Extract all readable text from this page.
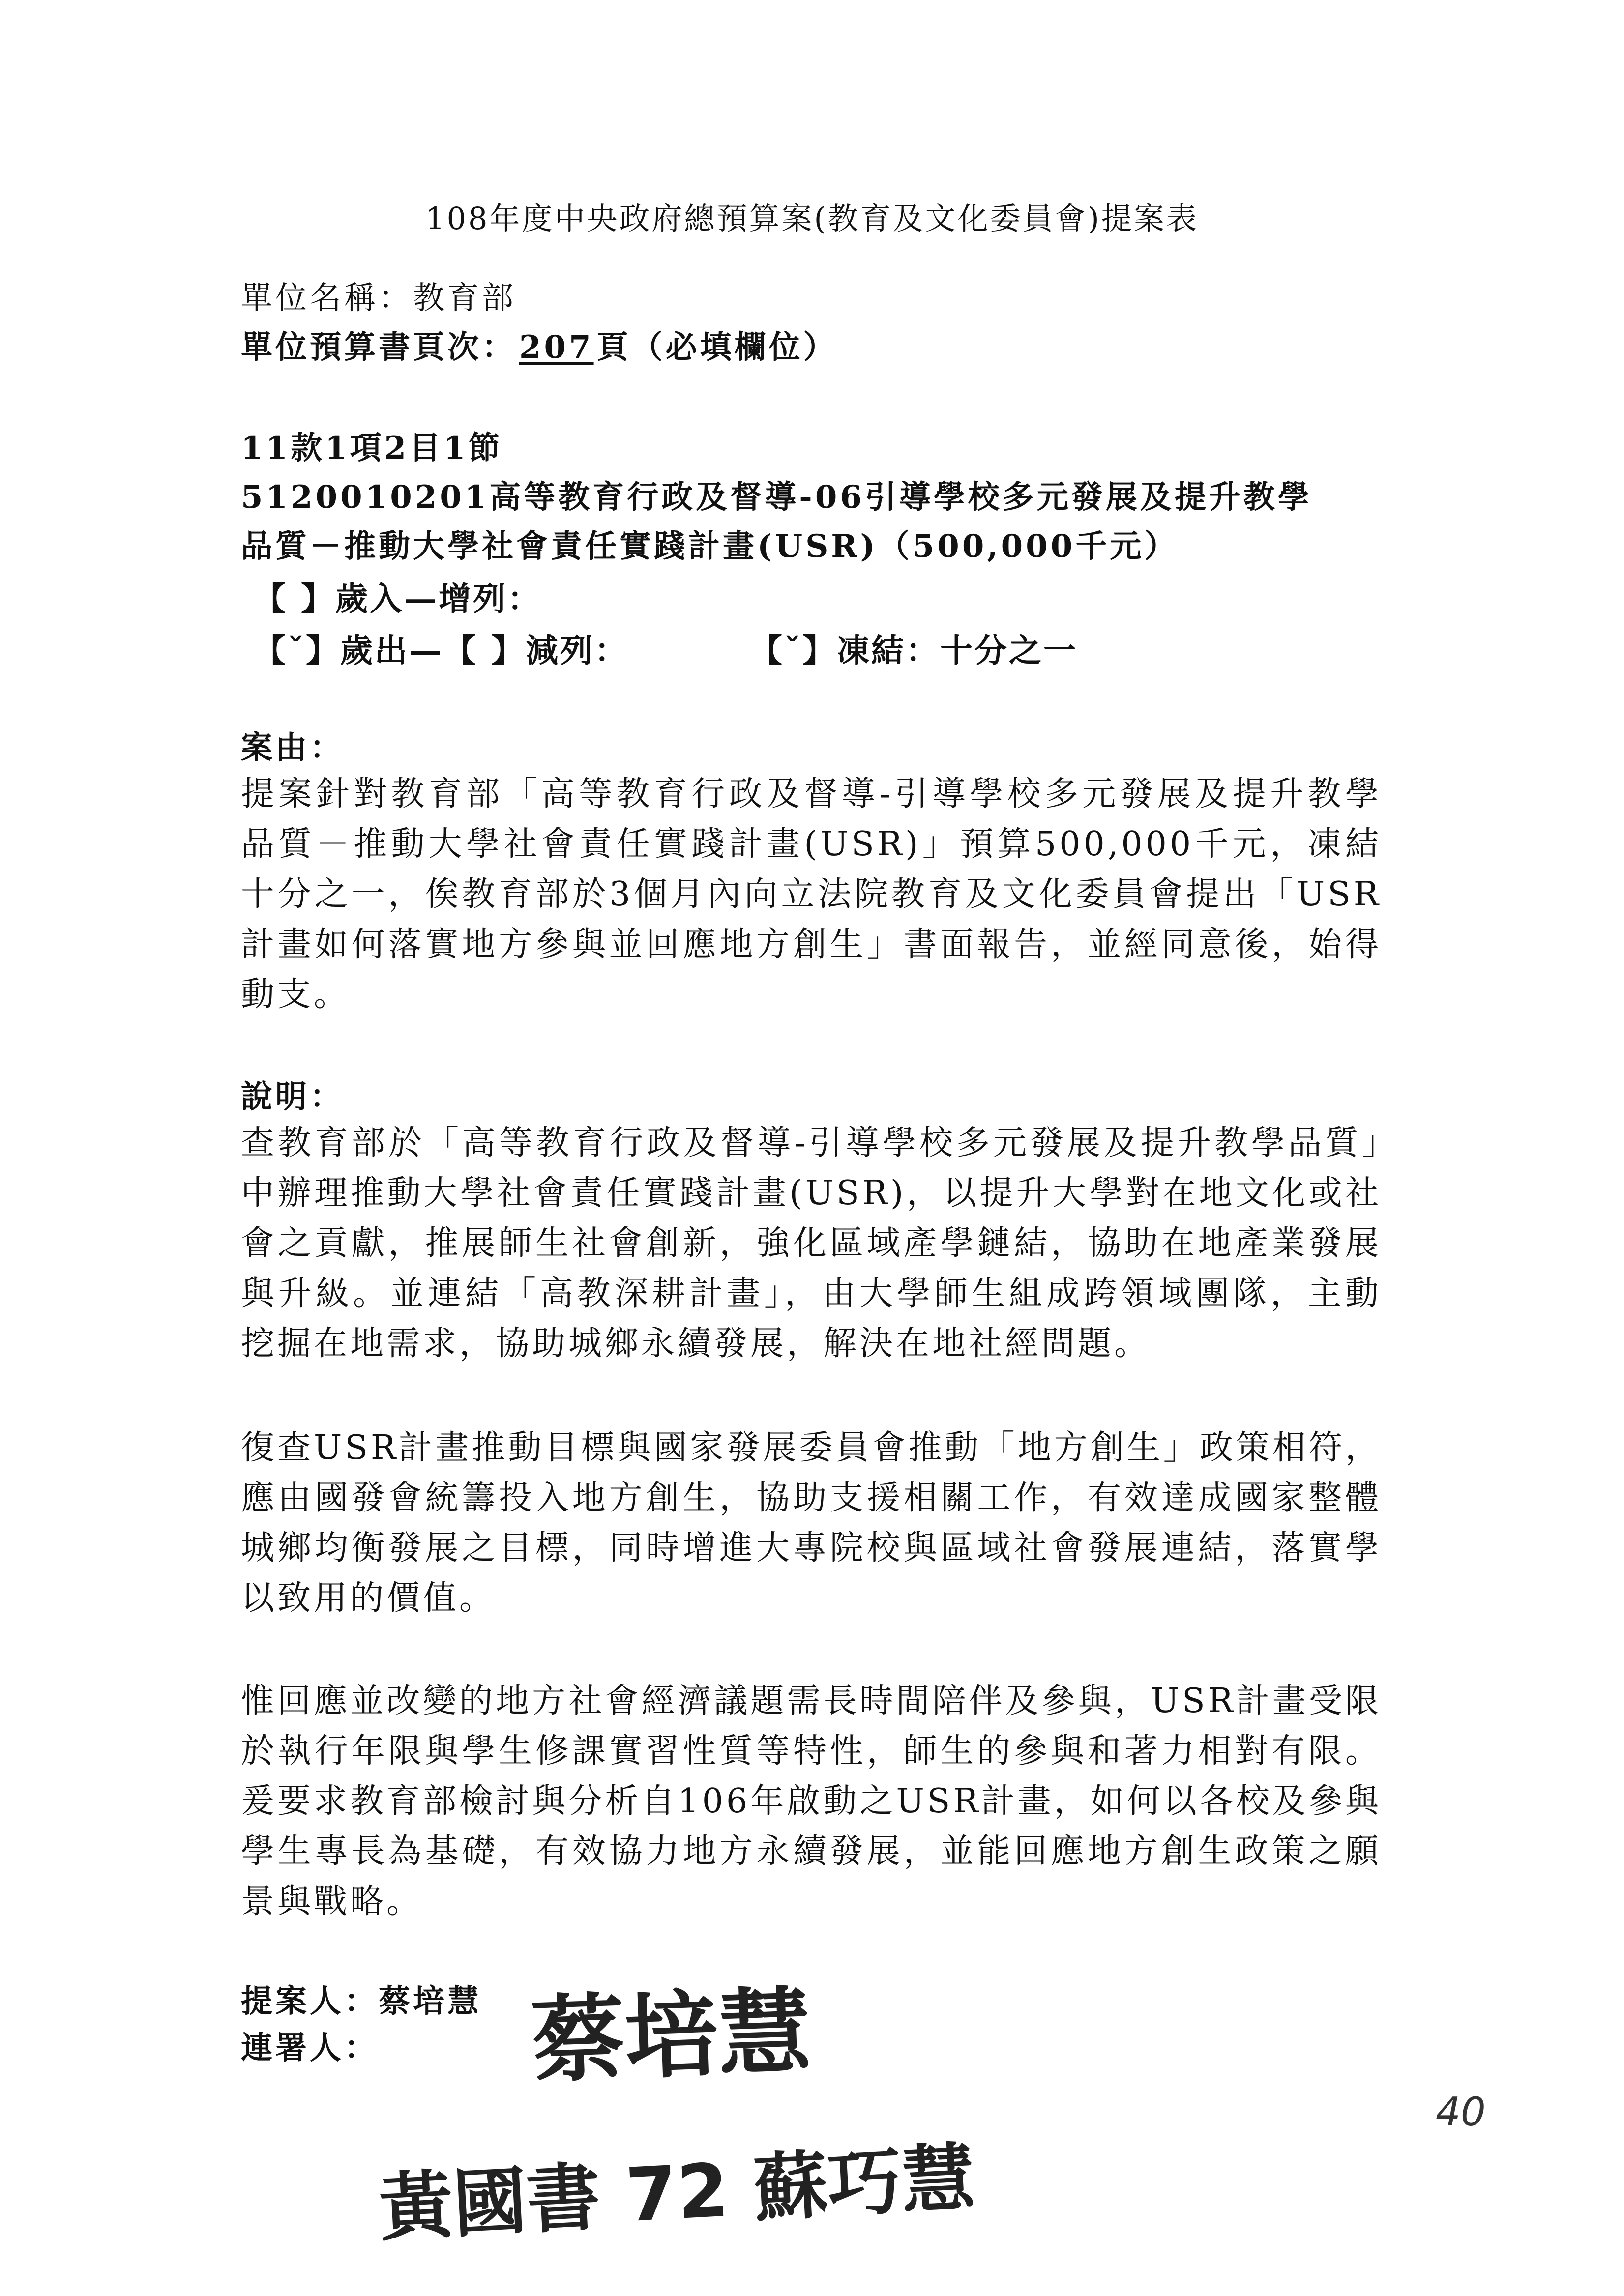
108年度中央政府總預算案(教育及文化委員會)提案表
單位名稱：教育部
單位預算書頁次：207頁（必填欄位）
11款1項2目1節
5120010201高等教育行政及督導-06引導學校多元發展及提升教學
品質－推動大學社會責任實踐計畫(USR)（500,000千元）
【 】歲入—增列：
【ˇ】歲出—【 】減列：	【ˇ】凍結：十分之一
案由：
提案針對教育部「高等教育行政及督導-引導學校多元發展及提升教學品質－推動大學社會責任實踐計畫(USR)」預算500,000千元，凍結十分之一，俟教育部於3個月內向立法院教育及文化委員會提出「USR計畫如何落實地方參與並回應地方創生」書面報告，並經同意後，始得動支。
說明：
查教育部於「高等教育行政及督導-引導學校多元發展及提升教學品質」中辦理推動大學社會責任實踐計畫(USR)，以提升大學對在地文化或社會之貢獻，推展師生社會創新，強化區域產學鏈結，協助在地產業發展與升級。並連結「高教深耕計畫」，由大學師生組成跨領域團隊，主動挖掘在地需求，協助城鄉永續發展，解決在地社經問題。
復查USR計畫推動目標與國家發展委員會推動「地方創生」政策相符，應由國發會統籌投入地方創生，協助支援相關工作，有效達成國家整體城鄉均衡發展之目標，同時增進大專院校與區域社會發展連結，落實學以致用的價值。
惟回應並改變的地方社會經濟議題需長時間陪伴及參與，USR計畫受限於執行年限與學生修課實習性質等特性，師生的參與和著力相對有限。爰要求教育部檢討與分析自106年啟動之USR計畫，如何以各校及參與學生專長為基礎，有效協力地方永續發展，並能回應地方創生政策之願景與戰略。
提案人：蔡培慧
連署人： 蔡培慧
黃國書 72 蘇巧慧
40
